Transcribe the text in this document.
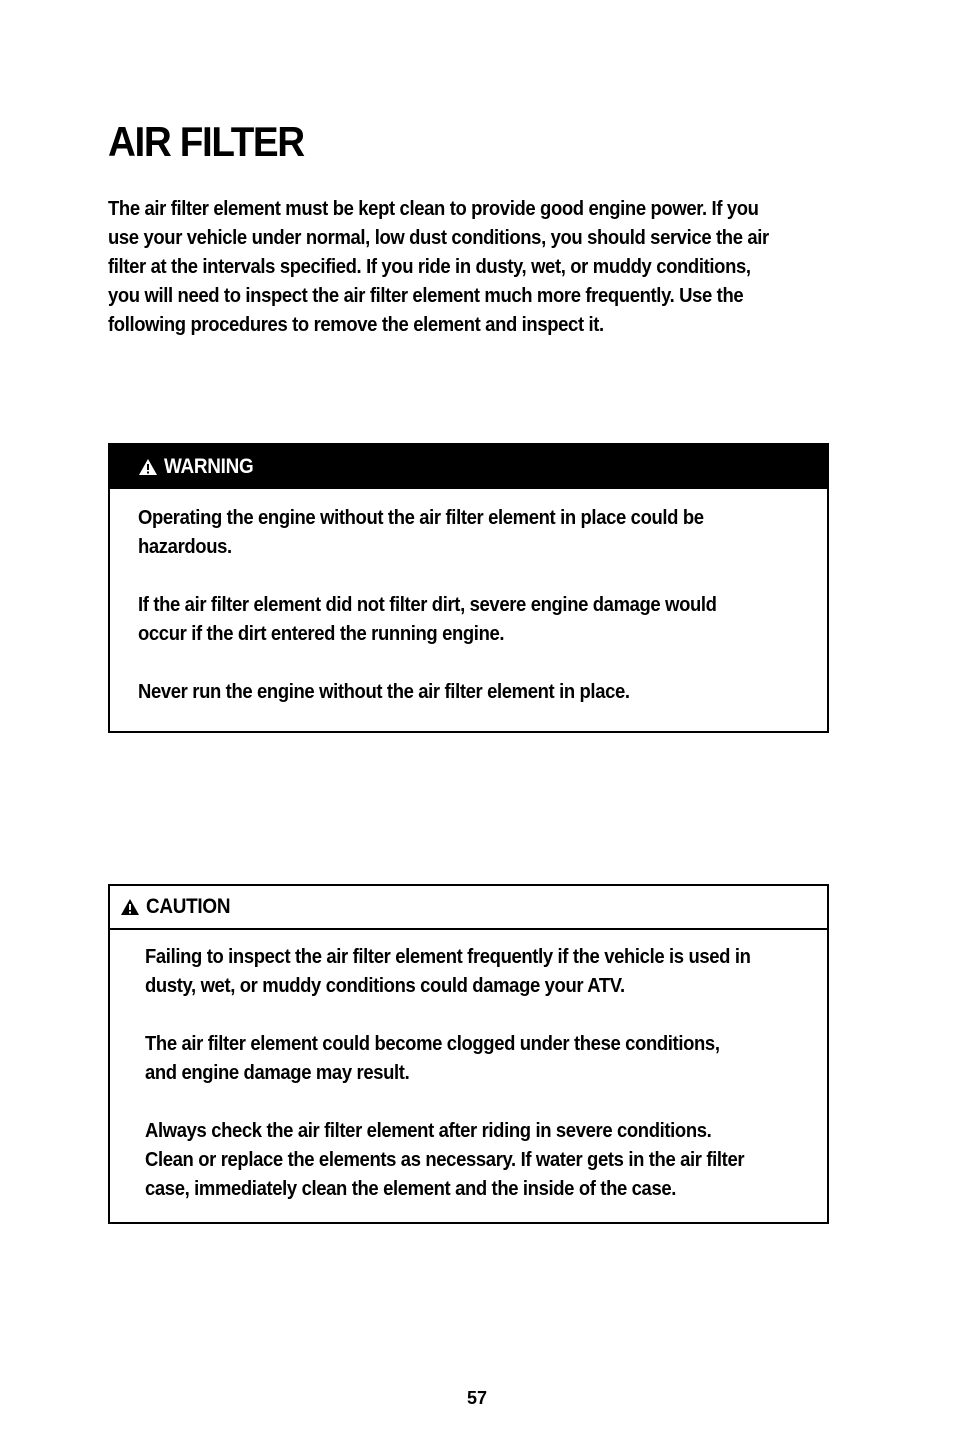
AIR FILTER

The air filter element must be kept clean to provide good engine power. If you
use your vehicle under normal, low dust conditions, you should service the air
filter at the intervals specified. If you ride in dusty, wet, or muddy conditions,
you will need to inspect the air filter element much more frequently. Use the
following procedures to remove the element and inspect it.

WARNING

Operating the engine without the air filter element in place could be
hazardous.

If the air filter element did not filter dirt, severe engine damage would
occur if the dirt entered the running engine.

Never run the engine without the air filter element in place.

CAUTION

Failing to inspect the air filter element frequently if the vehicle is used in
dusty, wet, or muddy conditions could damage your ATV.

The air filter element could become clogged under these conditions,
and engine damage may result.

Always check the air filter element after riding in severe conditions.
Clean or replace the elements as necessary. If water gets in the air filter
case, immediately clean the element and the inside of the case.

57
